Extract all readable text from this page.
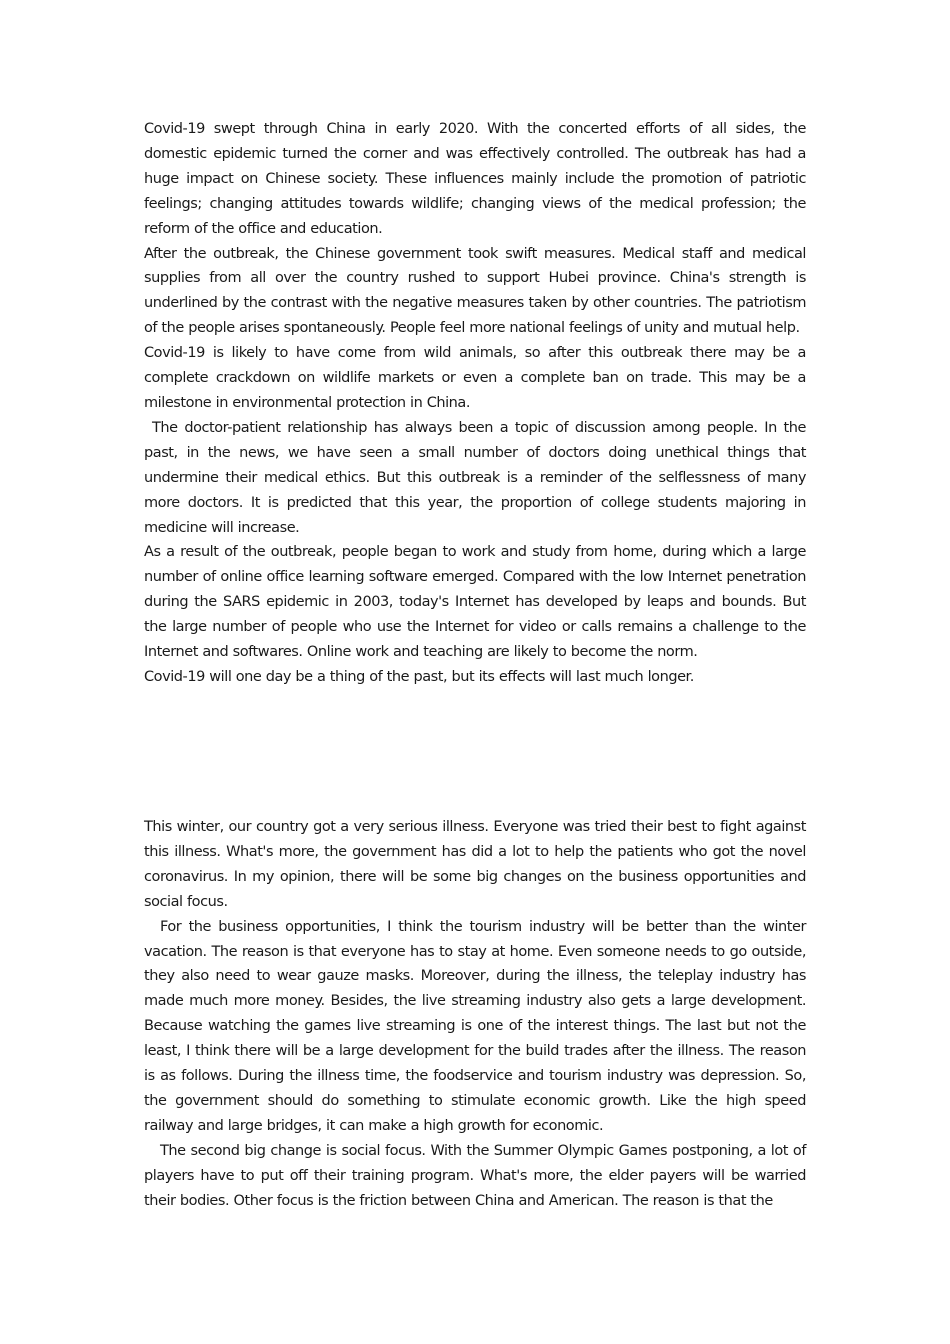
Covid-19 swept through China in early 2020. With the concerted efforts of all sides, the domestic epidemic turned the corner and was effectively controlled. The outbreak has had a huge impact on Chinese society. These influences mainly include the promotion of patriotic feelings; changing attitudes towards wildlife; changing views of the medical profession; the reform of the office and education.

After the outbreak, the Chinese government took swift measures. Medical staff and medical supplies from all over the country rushed to support Hubei province. China's strength is underlined by the contrast with the negative measures taken by other countries. The patriotism of the people arises spontaneously. People feel more national feelings of unity and mutual help.

Covid-19 is likely to have come from wild animals, so after this outbreak there may be a complete crackdown on wildlife markets or even a complete ban on trade. This may be a milestone in environmental protection in China.

The doctor-patient relationship has always been a topic of discussion among people. In the past, in the news, we have seen a small number of doctors doing unethical things that undermine their medical ethics. But this outbreak is a reminder of the selflessness of many more doctors. It is predicted that this year, the proportion of college students majoring in medicine will increase.

As a result of the outbreak, people began to work and study from home, during which a large number of online office learning software emerged. Compared with the low Internet penetration during the SARS epidemic in 2003, today's Internet has developed by leaps and bounds. But the large number of people who use the Internet for video or calls remains a challenge to the Internet and softwares. Online work and teaching are likely to become the norm.

Covid-19 will one day be a thing of the past, but its effects will last much longer.

This winter, our country got a very serious illness. Everyone was tried their best to fight against this illness. What's more, the government has did a lot to help the patients who got the novel coronavirus. In my opinion, there will be some big changes on the business opportunities and social focus.

For the business opportunities, I think the tourism industry will be better than the winter vacation. The reason is that everyone has to stay at home. Even someone needs to go outside, they also need to wear gauze masks. Moreover, during the illness, the teleplay industry has made much more money. Besides, the live streaming industry also gets a large development. Because watching the games live streaming is one of the interest things. The last but not the least, I think there will be a large development for the build trades after the illness. The reason is as follows. During the illness time, the foodservice and tourism industry was depression. So, the government should do something to stimulate economic growth. Like the high speed railway and large bridges, it can make a high growth for economic.

The second big change is social focus. With the Summer Olympic Games postponing, a lot of players have to put off their training program. What's more, the elder payers will be warried their bodies. Other focus is the friction between China and American. The reason is that the
